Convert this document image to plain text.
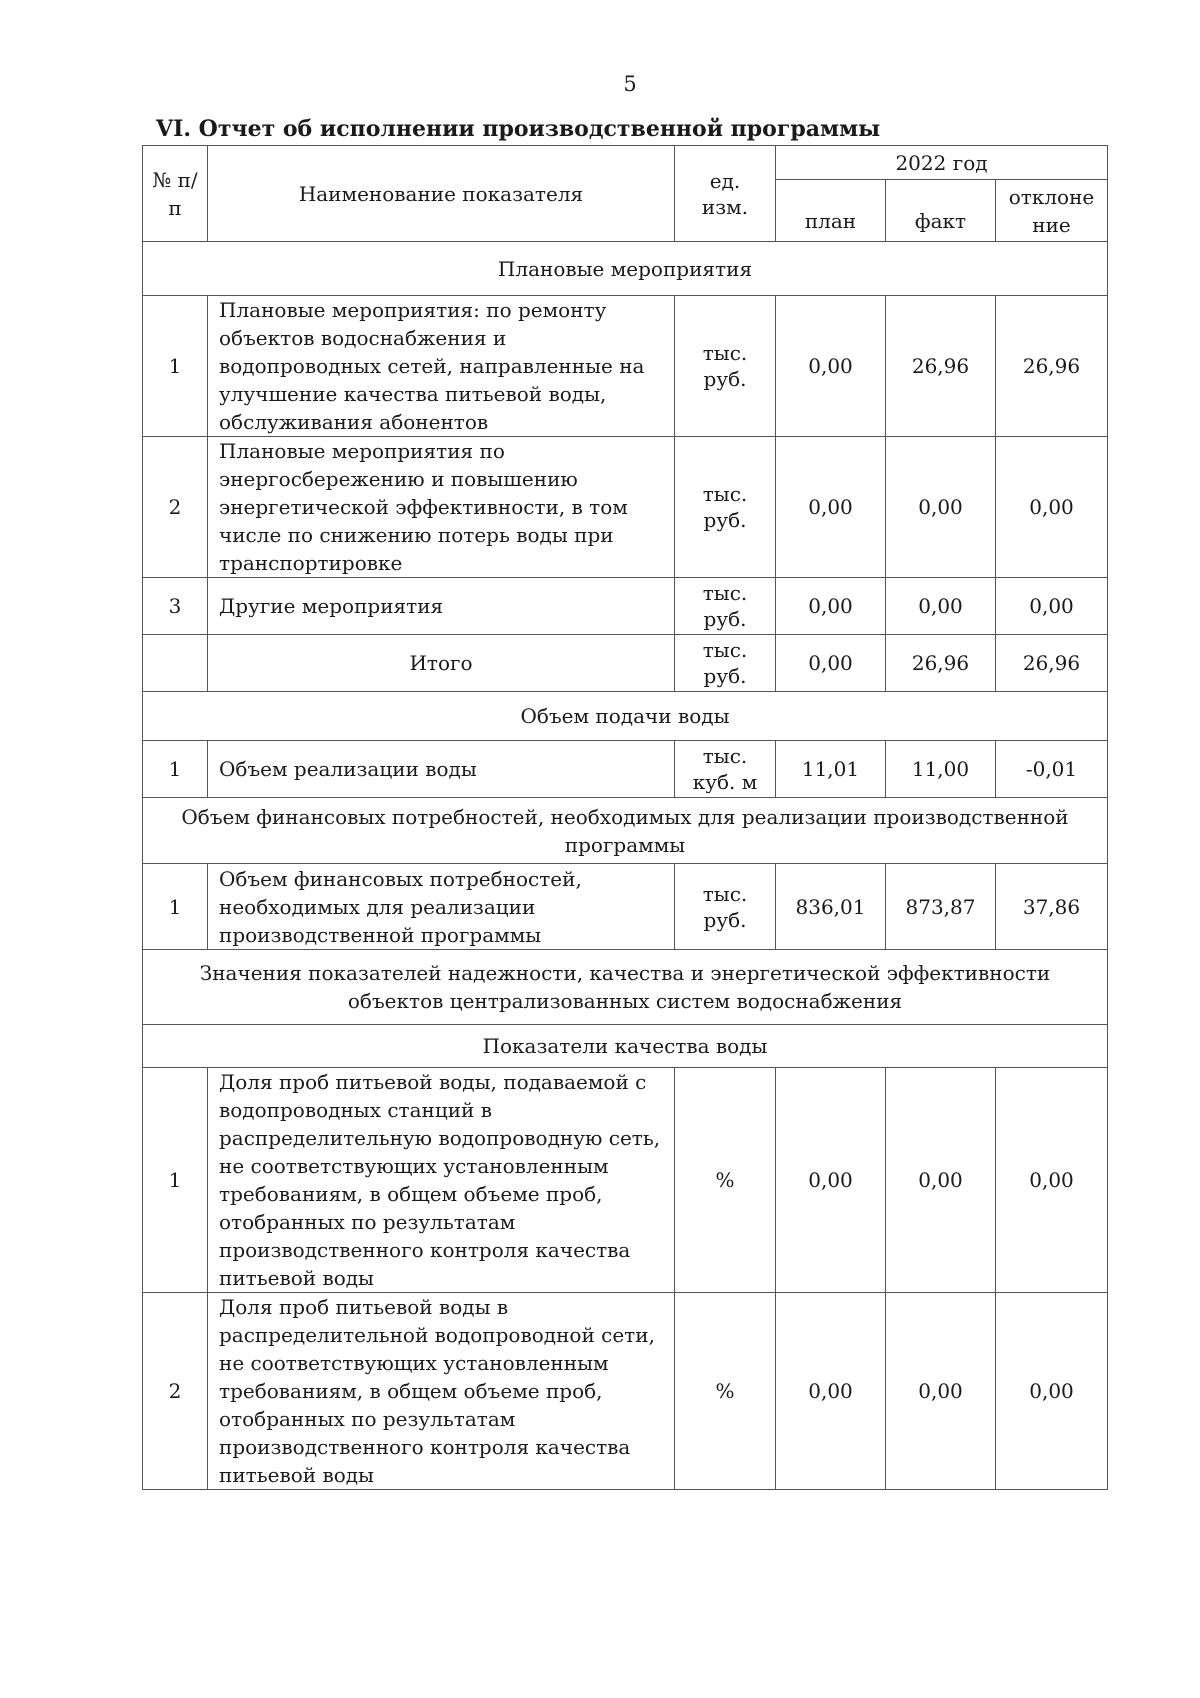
5
VI. Отчет об исполнении производственной программы
№ п/п	Наименование показателя	ед. изм.	2022 год		
			план	факт	отклоне ние
Плановые мероприятия					
1	Плановые мероприятия: по ремонту объектов водоснабжения и водопроводных сетей, направленные на улучшение качества питьевой воды, обслуживания абонентов	тыс. руб.	0,00	26,96	26,96
2	Плановые мероприятия по энергосбережению и повышению энергетической эффективности, в том числе по снижению потерь воды при транспортировке	тыс. руб.	0,00	0,00	0,00
3	Другие мероприятия	тыс. руб.	0,00	0,00	0,00
	Итого	тыс. руб.	0,00	26,96	26,96
Объем подачи воды					
1	Объем реализации воды	тыс. куб. м	11,01	11,00	-0,01
Объем финансовых потребностей, необходимых для реализации производственной программы					
1	Объем финансовых потребностей, необходимых для реализации производственной программы	тыс. руб.	836,01	873,87	37,86
Значения показателей надежности, качества и энергетической эффективности объектов централизованных систем водоснабжения					
Показатели качества воды					
1	Доля проб питьевой воды, подаваемой с водопроводных станций в распределительную водопроводную сеть, не соответствующих установленным требованиям, в общем объеме проб, отобранных по результатам производственного контроля качества питьевой воды	%	0,00	0,00	0,00
2	Доля проб питьевой воды в распределительной водопроводной сети, не соответствующих установленным требованиям, в общем объеме проб, отобранных по результатам производственного контроля качества питьевой воды	%	0,00	0,00	0,00
